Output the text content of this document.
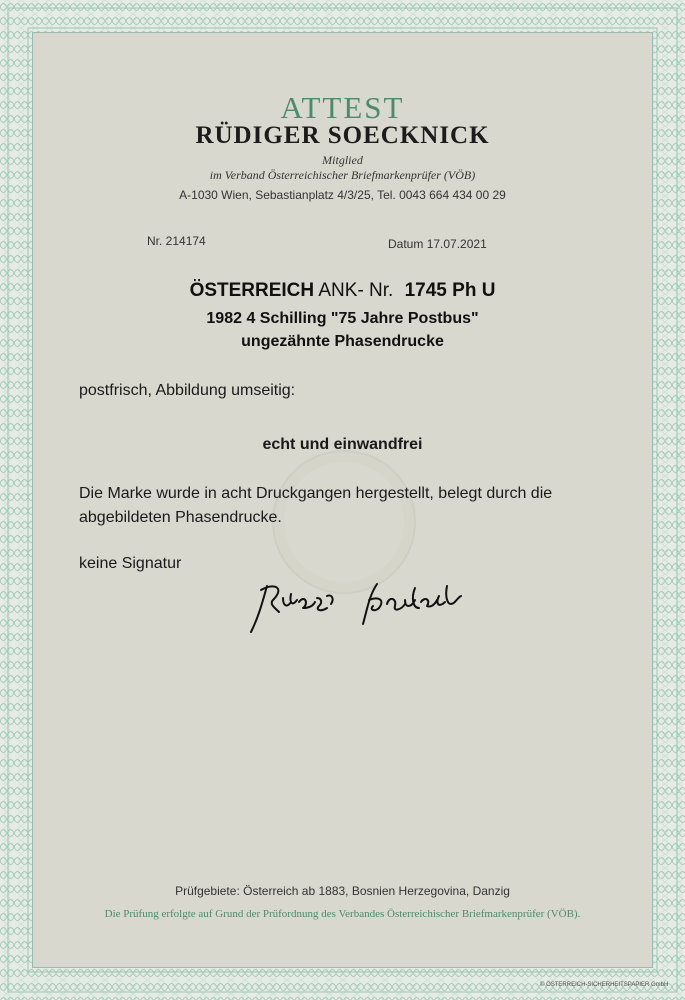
ATTEST
RÜDIGER SOECKNICK
Mitglied
im Verband Österreichischer Briefmarkenprüfer (VÖB)
A-1030 Wien, Sebastianplatz 4/3/25, Tel. 0043 664 434 00 29
Nr. 214174	Datum 17.07.2021
ÖSTERREICH ANK- Nr. 1745 Ph U
1982 4 Schilling "75 Jahre Postbus"
ungezähnte Phasendrucke
postfrisch, Abbildung umseitig:
echt und einwandfrei
Die Marke wurde in acht Druckgangen hergestellt, belegt durch die abgebildeten Phasendrucke.
keine Signatur
Prüfgebiete: Österreich ab 1883, Bosnien Herzegovina, Danzig
Die Prüfung erfolgte auf Grund der Prüfordnung des Verbandes Österreichischer Briefmarkenprüfer (VÖB).
© ÖSTERREICH-SICHERHEITSPAPIER GmbH
